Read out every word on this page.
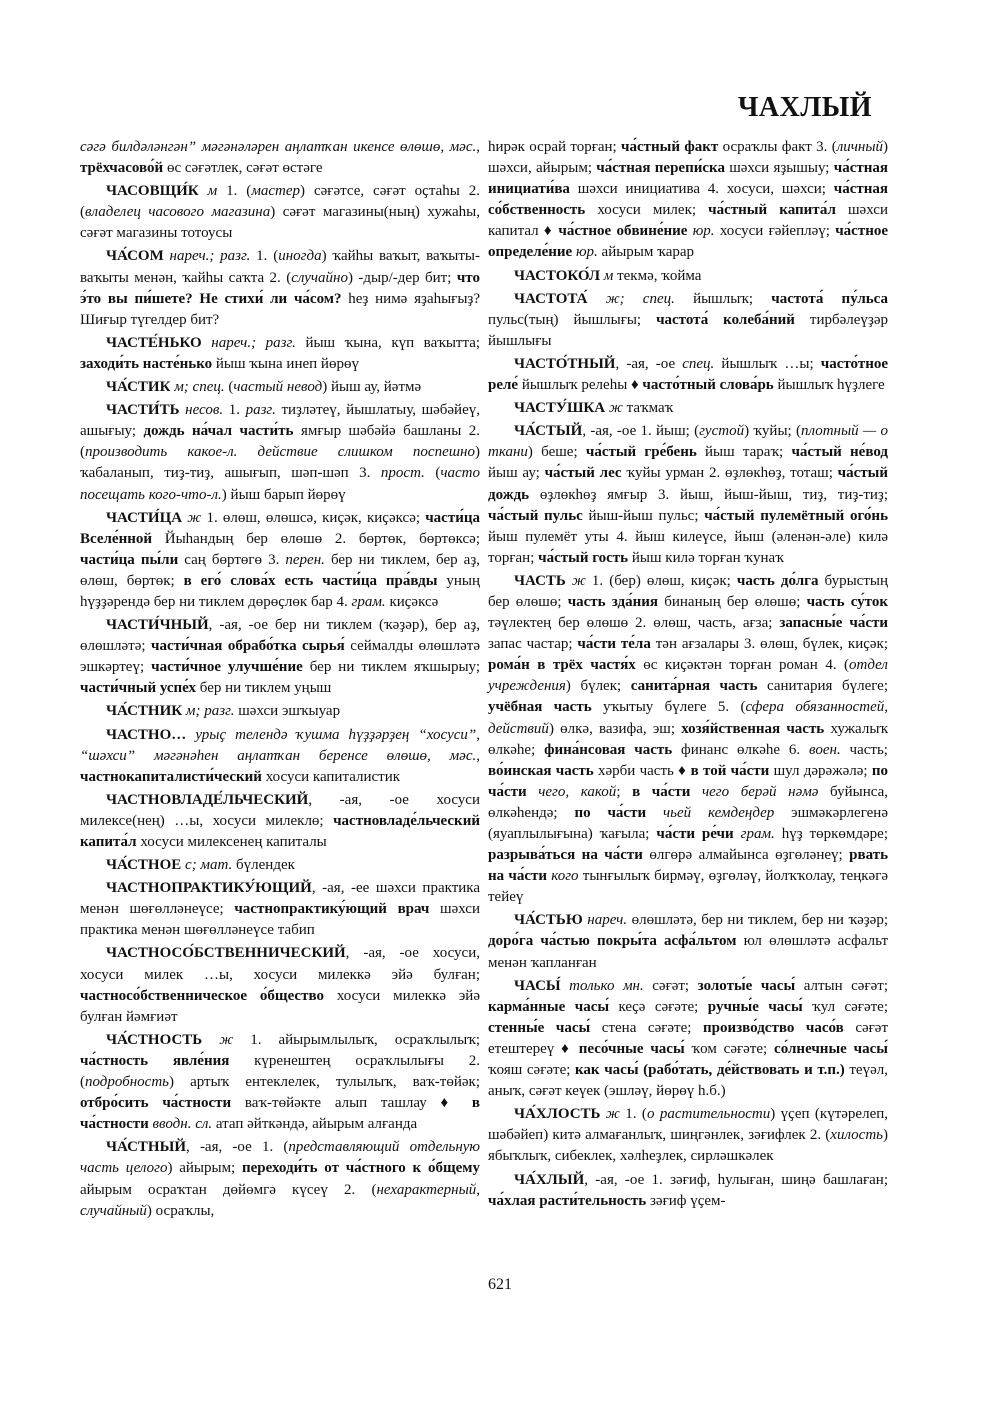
ЧАХЛЫЙ

сәгә билдәләнгән” мәгәнәләрен аңлатҡан икенсе өлөшө, мәс., трёхчасово́й өс сәғәтлек, сәғәт өстәге

ЧАСОВЩИ́К м 1. (мастер) сәғәтсе, сәғәт оҫтаһы 2. (владелец часового магазина) сәғәт магазины(ның) хужаһы, сәғәт магазины тотоусы

ЧА́СОМ нареч.; разг. 1. (иногда) ҡайһы ваҡыт, ваҡыты-ваҡыты менән, ҡайһы саҡта 2. (случайно) -дыр/-дер бит; что э́то вы пи́шете? Не стихи́ ли ча́сом? һеҙ нимә яҙаһығыҙ? Шиғыр түгелдер бит?

ЧАСТЕ́НЬКО нареч.; разг. йыш ҡына, күп ваҡытта; заходи́ть насте́нько йыш ҡына инеп йөрөү

ЧА́СТИК м; спец. (частый невод) йыш ау, йәтмә

ЧАСТИ́ТЬ несов. 1. разг. тиҙләтеү, йышлатыу, шәбәйеү, ашығыу; дождь на́чал части́ть ямғыр шәбәйә башланы 2. (производить какое-л. действие слишком поспешно) ҡабаланып, тиҙ-тиҙ, ашығып, шәп-шәп 3. прост. (часто посещать кого-что-л.) йыш барып йөрөү

ЧАСТИ́ЦА ж 1. өлөш, өлөшсә, киҫәк, киҫәксә; части́ца Вселе́нной Йыһандың бер өлөшө 2. бөртөк, бөртөксә; части́ца пы́ли саң бөртөгө 3. перен. бер ни тиклем, бер аҙ, өлөш, бөртөк; в его́ слова́х есть части́ца пра́вды уның һүҙҙәрендә бер ни тиклем дөрөҫлөк бар 4. грам. киҫәксә

ЧАСТИ́ЧНЫЙ, -ая, -ое бер ни тиклем (ҡәҙәр), бер аҙ, өлөшләтә; части́чная обрабо́тка сырья́ сеймалды өлөшләтә эшкәртеү; части́чное улучше́ние бер ни тиклем яҡшырыу; части́чный успе́х бер ни тиклем уңыш

ЧА́СТНИК м; разг. шәхси эшҡыуар

ЧАСТНО… урыҫ телендә ҡушма һүҙҙәрҙең “хосуси”, “шәхси” мәгәнәһен аңлатҡан беренсе өлөшө, мәс., частнокапиталисти́ческий хосуси капиталистик

ЧАСТНОВЛАДЕ́ЛЬЧЕСКИЙ, -ая, -ое хосуси милексе(нең) …ы, хосуси милеклө; частновладе́льческий капита́л хосуси милексенең капиталы

ЧА́СТНОЕ с; мат. бүлендек

ЧАСТНОПРАКТИКУ́ЮЩИЙ, -ая, -ее шәхси практика менән шөғөлләнеүсе; частнопрактику́ющий врач шәхси практика менән шөғөлләнеүсе табип

ЧАСТНОСО́БСТВЕННИЧЕСКИЙ, -ая, -ое хосуси, хосуси милек …ы, хосуси милеккә эйә булған; частносо́бственническое о́бщество хосуси милеккә эйә булған йәмғиәт

ЧА́СТНОСТЬ ж 1. айырымлылыҡ, осраҡлылыҡ; ча́стность явле́ния күренештең осраҡлылығы 2. (подробность) артыҡ ентеклелек, тулылыҡ, ваҡ-төйәк; отбро́сить ча́стности ваҡ-төйәкте алып ташлау ♦ в ча́стности вводн. сл. атап әйткәндә, айырым алғанда

ЧА́СТНЫЙ, -ая, -ое 1. (представляющий отдельную часть целого) айырым; переходи́ть от ча́стного к о́бщему айырым осраҡтан дөйөмгә күсеү 2. (нехарактерный, случайный) осраҡлы,

һирәк осрай торған; ча́стный факт осраҡлы факт 3. (личный) шәхси, айырым; ча́стная перепи́ска шәхси яҙышыу; ча́стная инициати́ва шәхси инициатива 4. хосуси, шәхси; ча́стная со́бственность хосуси милек; ча́стный капита́л шәхси капитал ♦ ча́стное обвине́ние юр. хосуси ғәйепләү; ча́стное определе́ние юр. айырым ҡарар

ЧАСТОКО́Л м текмә, ҡойма

ЧАСТОТА́ ж; спец. йышлыҡ; частота́ пу́льса пульс(тың) йышлығы; частота́ колеба́ний тирбәлеүҙәр йышлығы

ЧАСТО́ТНЫЙ, -ая, -ое спец. йышлыҡ …ы; часто́тное реле́ йышлыҡ релеһы ♦ часто́тный слова́рь йышлыҡ һүҙлеге

ЧАСТУ́ШКА ж таҡмаҡ

ЧА́СТЫЙ, -ая, -ое 1. йыш; (густой) ҡуйы; (плотный — о ткани) беше; ча́стый гре́бень йыш тараҡ; ча́стый не́вод йыш ау; ча́стый лес ҡуйы урман 2. өҙлөкһөҙ, тоташ; ча́стый дождь өҙлөкһөҙ ямғыр 3. йыш, йыш-йыш, тиҙ, тиҙ-тиҙ; ча́стый пульс йыш-йыш пульс; ча́стый пулемётный ого́нь йыш пулемёт уты 4. йыш килеүсе, йыш (әленән-әле) килә торған; ча́стый гость йыш килә торған ҡунаҡ

ЧАСТЬ ж 1. (бер) өлөш, киҫәк; часть до́лга бурыстың бер өлөшө; часть зда́ния бинаның бер өлөшө; часть су́ток тәүлектең бер өлөшө 2. өлөш, часть, ағза; запасны́е ча́сти запас частар; ча́сти те́ла тән ағзалары 3. өлөш, бүлек, киҫәк; рома́н в трёх частя́х өс киҫәктән торған роман 4. (отдел учреждения) бүлек; санита́рная часть санитария бүлеге; учёбная часть уҡытыу бүлеге 5. (сфера обязанностей, действий) өлкә, вазифа, эш; хозя́йственная часть хужалыҡ өлкәһе; фина́нсовая часть финанс өлкәһе 6. воен. часть; во́инская часть хәрби часть ♦ в той ча́сти шул дәрәжәлә; по ча́сти чего, какой; в ча́сти чего берәй нәмә буйынса, өлкәһендә; по ча́сти чьей кемдеңдер эшмәкәрлегенә (яуаплылығына) ҡағыла; ча́сти ре́чи грам. һүҙ төркөмдәре; разрыва́ться на ча́сти өлгөрә алмайынса өҙгөләнеү; рвать на ча́сти кого тынғылыҡ бирмәү, өҙгөләү, йолҡҡолау, теңкәгә тейеү

ЧА́СТЬЮ нареч. өлөшләтә, бер ни тиклем, бер ни ҡәҙәр; доро́га ча́стью покры́та асфа́льтом юл өлөшләтә асфальт менән ҡапланған

ЧАСЫ́ только мн. сәғәт; золоты́е часы́ алтын сәғәт; карма́нные часы́ кеҫә сәғәте; ручны́е часы́ ҡул сәғәте; стенны́е часы́ стена сәғәте; произво́дство часо́в сәғәт етештереү ♦ песо́чные часы́ ҡом сәғәте; со́лнечные часы́ ҡояш сәғәте; как часы́ (рабо́тать, де́йствовать и т.п.) теүәл, аныҡ, сәғәт кеүек (эшләү, йөрөү һ.б.)

ЧА́ХЛОСТЬ ж 1. (о растительности) үҫеп (күтәрелеп, шәбәйеп) китә алмағанлыҡ, шиңгәнлек, зәғифлек 2. (хилость) ябыҡлыҡ, сибеклек, хәлһеҙлек, сирләшкәлек

ЧА́ХЛЫЙ, -ая, -ое 1. зәғиф, һулыған, шиңә башлаған; ча́хлая расти́тельность зәғиф үҫем-

621
